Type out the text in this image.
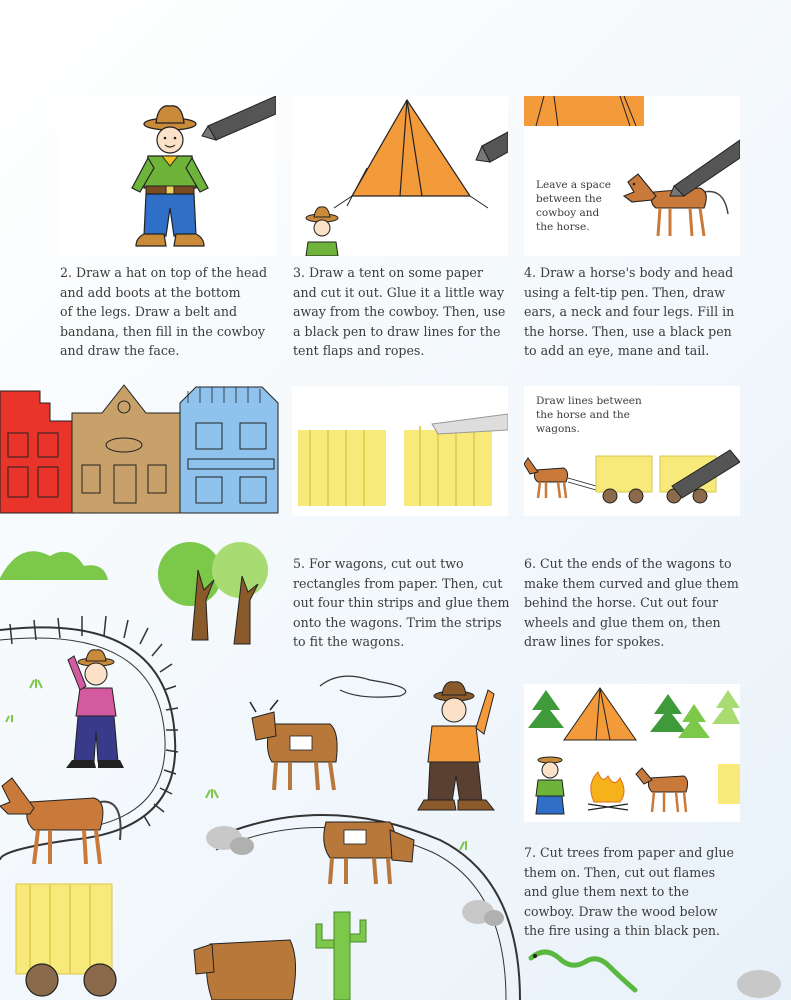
Leave a space
between the
cowboy and
the horse.
2. Draw a hat on top of the head
and add boots at the bottom
of the legs. Draw a belt and
bandana, then fill in the cowboy
and draw the face.
3. Draw a tent on some paper
and cut it out. Glue it a little way
away from the cowboy. Then, use
a black pen to draw lines for the
tent flaps and ropes.
4. Draw a horse's body and head
using a felt-tip pen. Then, draw
ears, a neck and four legs. Fill in
the horse. Then, use a black pen
to add an eye, mane and tail.
Draw lines between
the horse and the
wagons.
5. For wagons, cut out two
rectangles from paper. Then, cut
out four thin strips and glue them
onto the wagons. Trim the strips
to fit the wagons.
6. Cut the ends of the wagons to
make them curved and glue them
behind the horse. Cut out four
wheels and glue them on, then
draw lines for spokes.
7. Cut trees from paper and glue
them on. Then, cut out flames
and glue them next to the
cowboy. Draw the wood below
the fire using a thin black pen.
